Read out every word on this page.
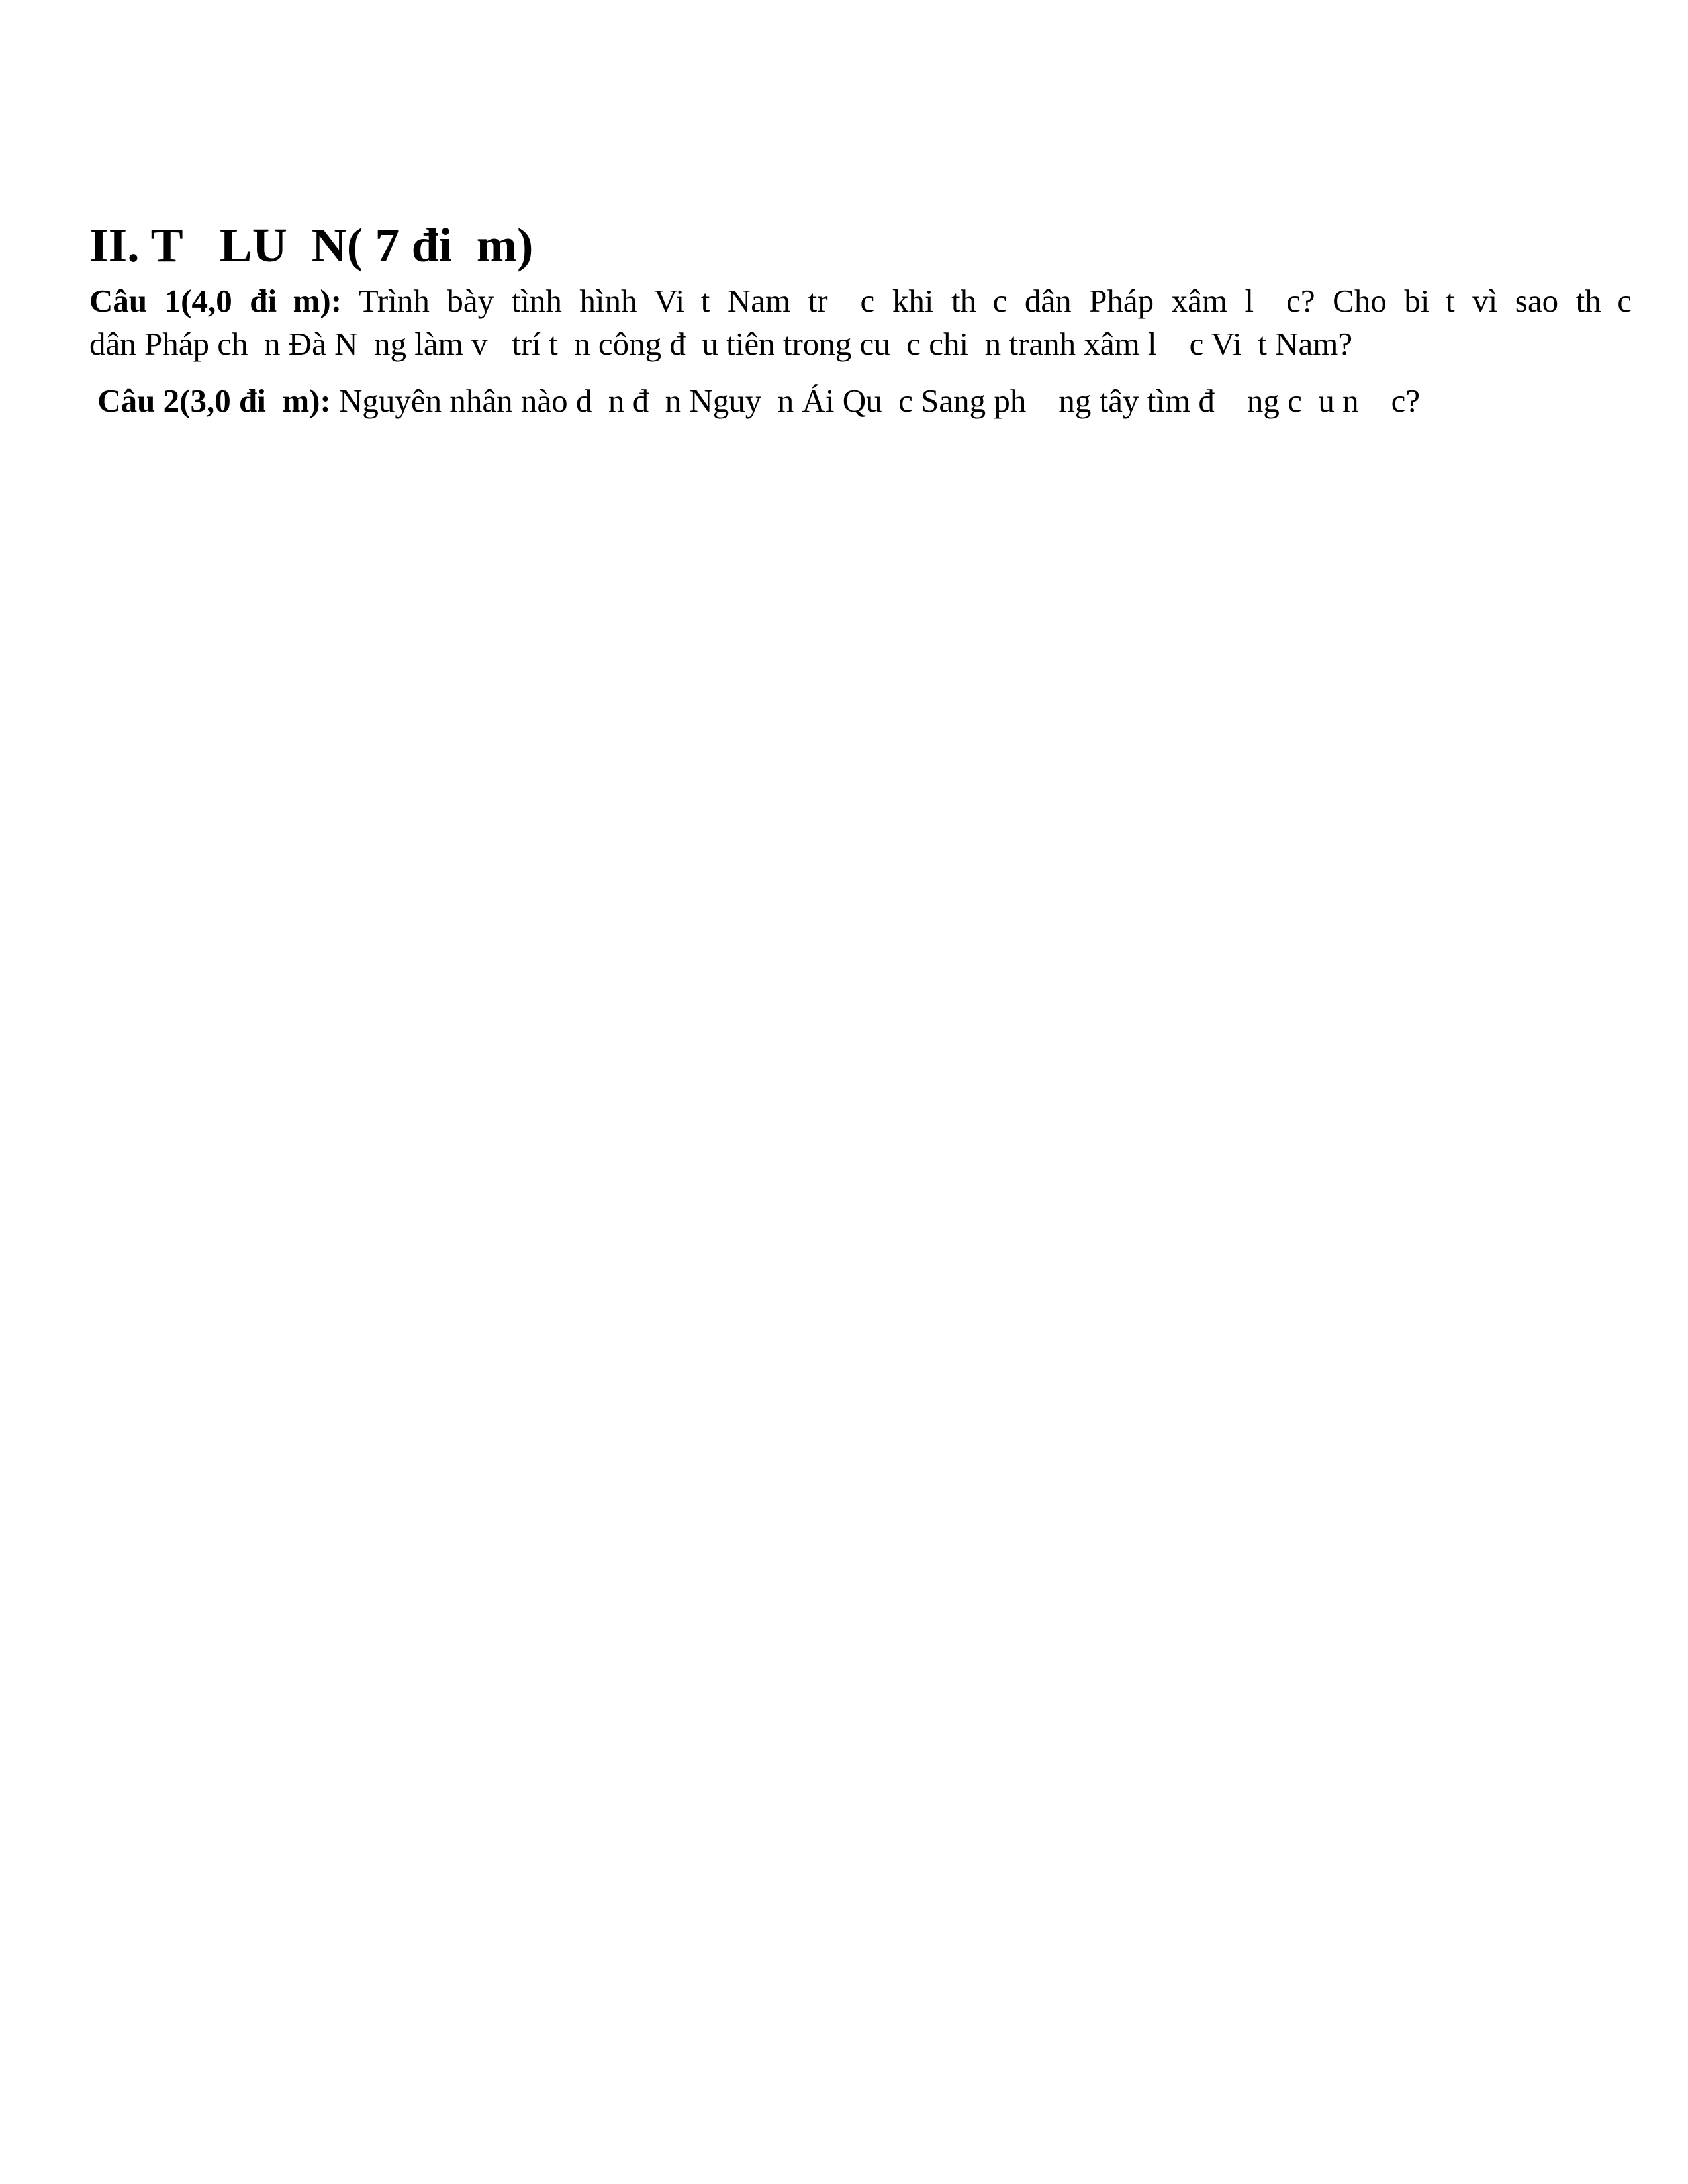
II. T  LU N( 7 đi m)

Câu 1(4,0 đi m): Trình bày tình hình Vi t Nam tr  c khi th c dân Pháp xâm l  c? Cho bi t vì sao th c
dân Pháp ch n Đà N ng làm v  trí t n công đ u tiên trong cu c chi n tranh xâm l  c Vi t Nam?

Câu 2(3,0 đi m): Nguyên nhân nào d n đ n Nguy n Ái Qu c Sang ph  ng tây tìm đ  ng c u n  c?
